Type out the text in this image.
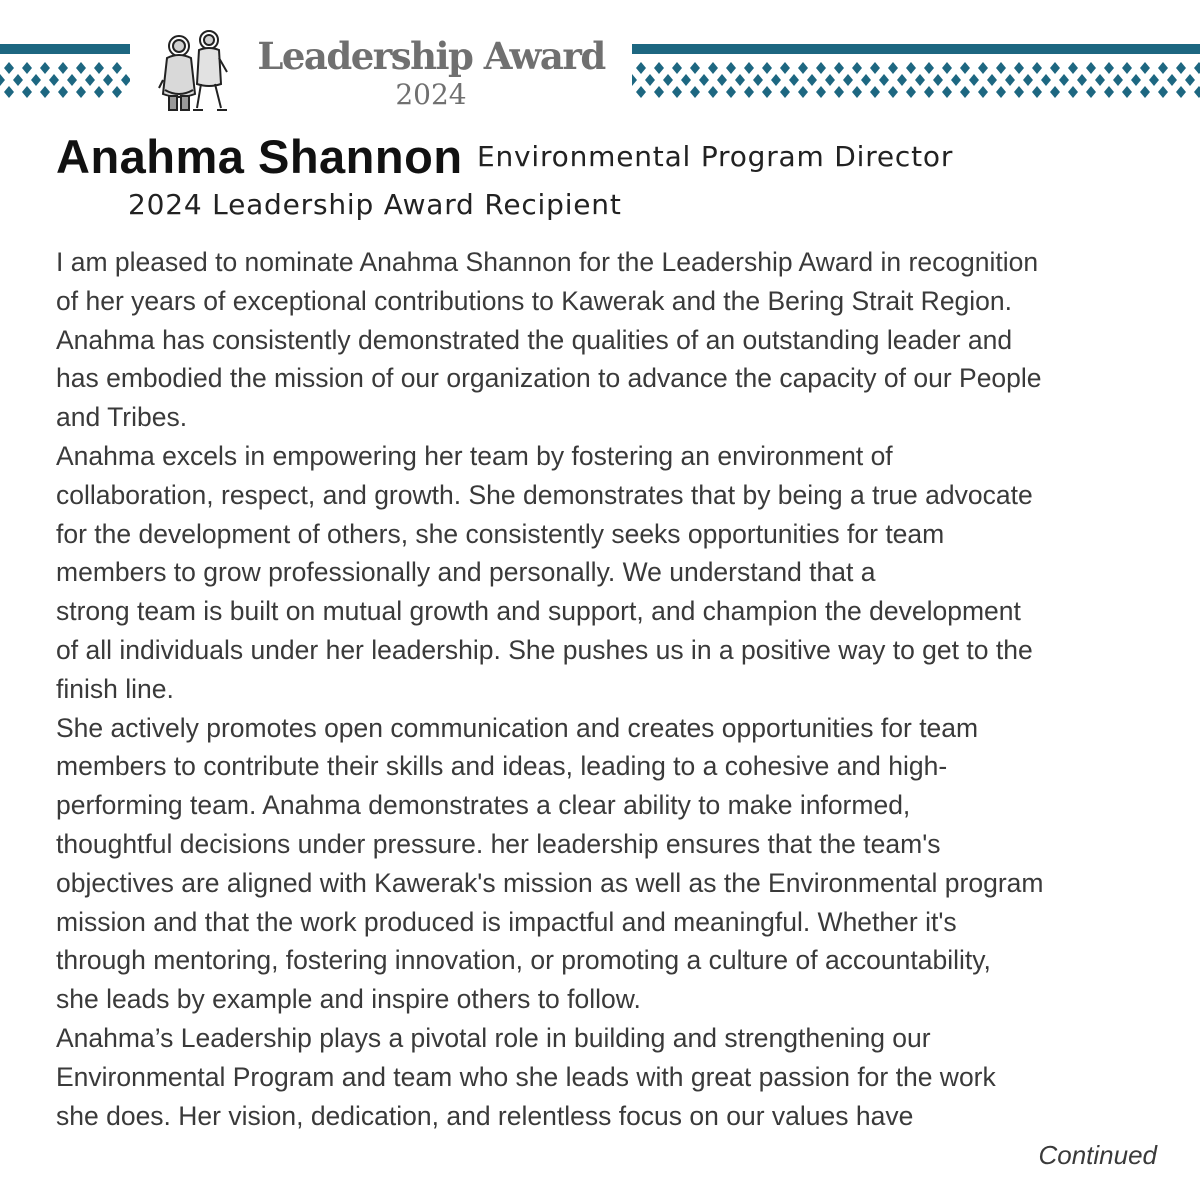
Leadership Award
2024
Anahma Shannon Environmental Program Director
2024 Leadership Award Recipient

I am pleased to nominate Anahma Shannon for the Leadership Award in recognition

of her years of exceptional contributions to Kawerak and the Bering Strait Region.

Anahma has consistently demonstrated the qualities of an outstanding leader and

has embodied the mission of our organization to advance the capacity of our People

and Tribes.

Anahma excels in empowering her team by fostering an environment of

collaboration, respect, and growth. She demonstrates that by being a true advocate

for the development of others, she consistently seeks opportunities for team

members to grow professionally and personally. We understand that a

strong team is built on mutual growth and support, and champion the development

of all individuals under her leadership. She pushes us in a positive way to get to the

finish line.

She actively promotes open communication and creates opportunities for team

members to contribute their skills and ideas, leading to a cohesive and high-

performing team. Anahma demonstrates a clear ability to make informed,

thoughtful decisions under pressure. her leadership ensures that the team's

objectives are aligned with Kawerak's mission as well as the Environmental program

mission and that the work produced is impactful and meaningful. Whether it's

through mentoring, fostering innovation, or promoting a culture of accountability,

she leads by example and inspire others to follow.

Anahma’s Leadership plays a pivotal role in building and strengthening our

Environmental Program and team who she leads with great passion for the work

she does. Her vision, dedication, and relentless focus on our values have

Continued
